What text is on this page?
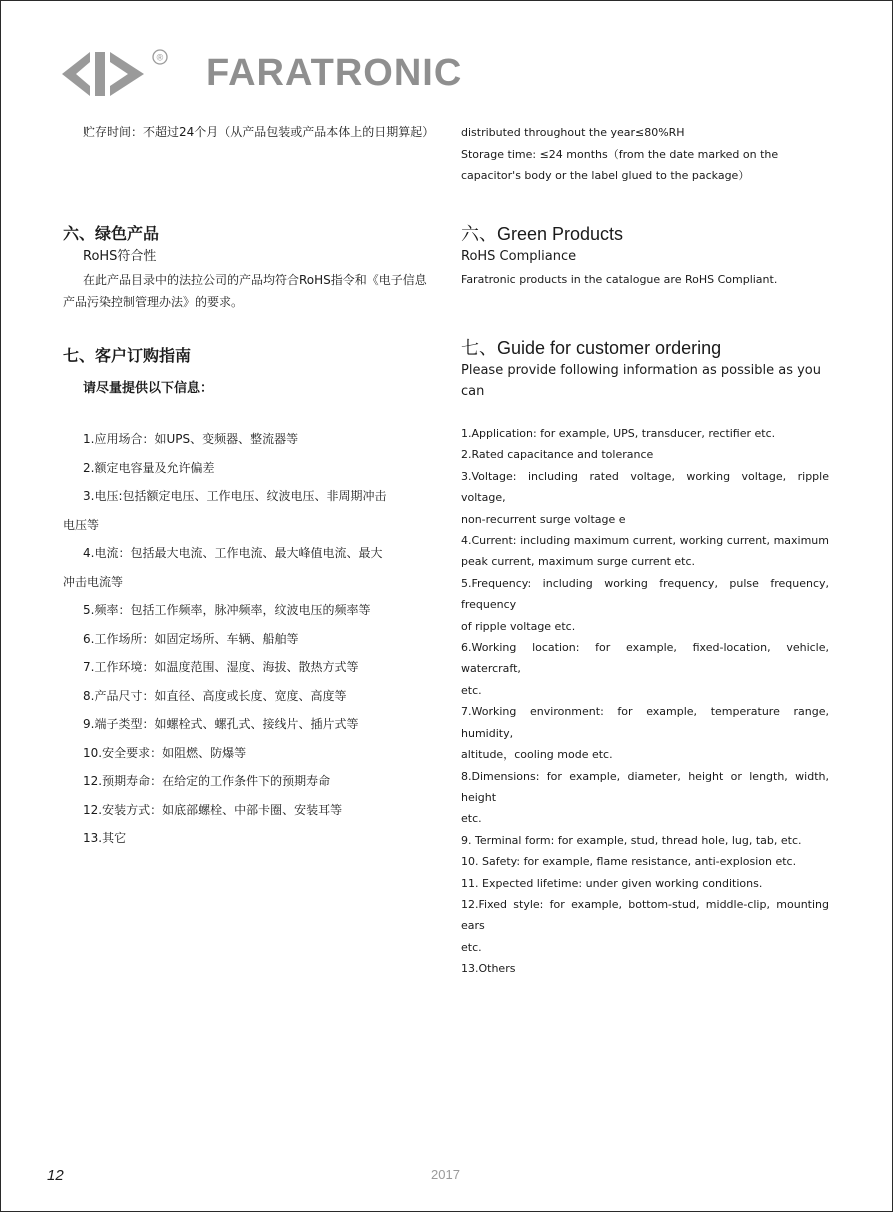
® FARATRONIC

贮存时间：不超过24个月（从产品包装或产品本体上的日期算起）

六、绿色产品

RoHS符合性

在此产品目录中的法拉公司的产品均符合RoHS指令和《电子信息产品污染控制管理办法》的要求。

七、客户订购指南

请尽量提供以下信息：

1.应用场合：如UPS、变频器、整流器等

2.额定电容量及允许偏差

3.电压:包括额定电压、工作电压、纹波电压、非周期冲击

电压等

4.电流：包括最大电流、工作电流、最大峰值电流、最大

冲击电流等

5.频率：包括工作频率，脉冲频率，纹波电压的频率等

6.工作场所：如固定场所、车辆、船舶等

7.工作环境：如温度范围、湿度、海拔、散热方式等

8.产品尺寸：如直径、高度或长度、宽度、高度等

9.端子类型：如螺栓式、螺孔式、接线片、插片式等

10.安全要求：如阻燃、防爆等

12.预期寿命：在给定的工作条件下的预期寿命

12.安装方式：如底部螺栓、中部卡圈、安装耳等

13.其它

distributed throughout the year≤80%RH

Storage time: ≤24 months（from the date marked on the capacitor's body or the label glued to the package）

六、Green Products

RoHS Compliance

Faratronic products in the catalogue are RoHS Compliant.

七、Guide for customer ordering

Please provide following information as possible as you can

1.Application: for example, UPS, transducer, rectifier etc.

2.Rated capacitance and tolerance

3.Voltage: including rated voltage, working voltage, ripple voltage,

non-recurrent surge voltage e

4.Current: including maximum current, working current, maximum

peak current, maximum surge current etc.

5.Frequency: including working frequency, pulse frequency, frequency

of ripple voltage etc.

6.Working location: for example, fixed-location, vehicle, watercraft,

etc.

7.Working environment: for example, temperature range, humidity,

altitude，cooling mode etc.

8.Dimensions: for example, diameter, height or length, width, height

etc.

9. Terminal form: for example, stud, thread hole, lug, tab, etc.

10. Safety: for example, flame resistance, anti-explosion etc.

11. Expected lifetime: under given working conditions.

12.Fixed style: for example, bottom-stud, middle-clip, mounting ears

etc.

13.Others

12	2017
